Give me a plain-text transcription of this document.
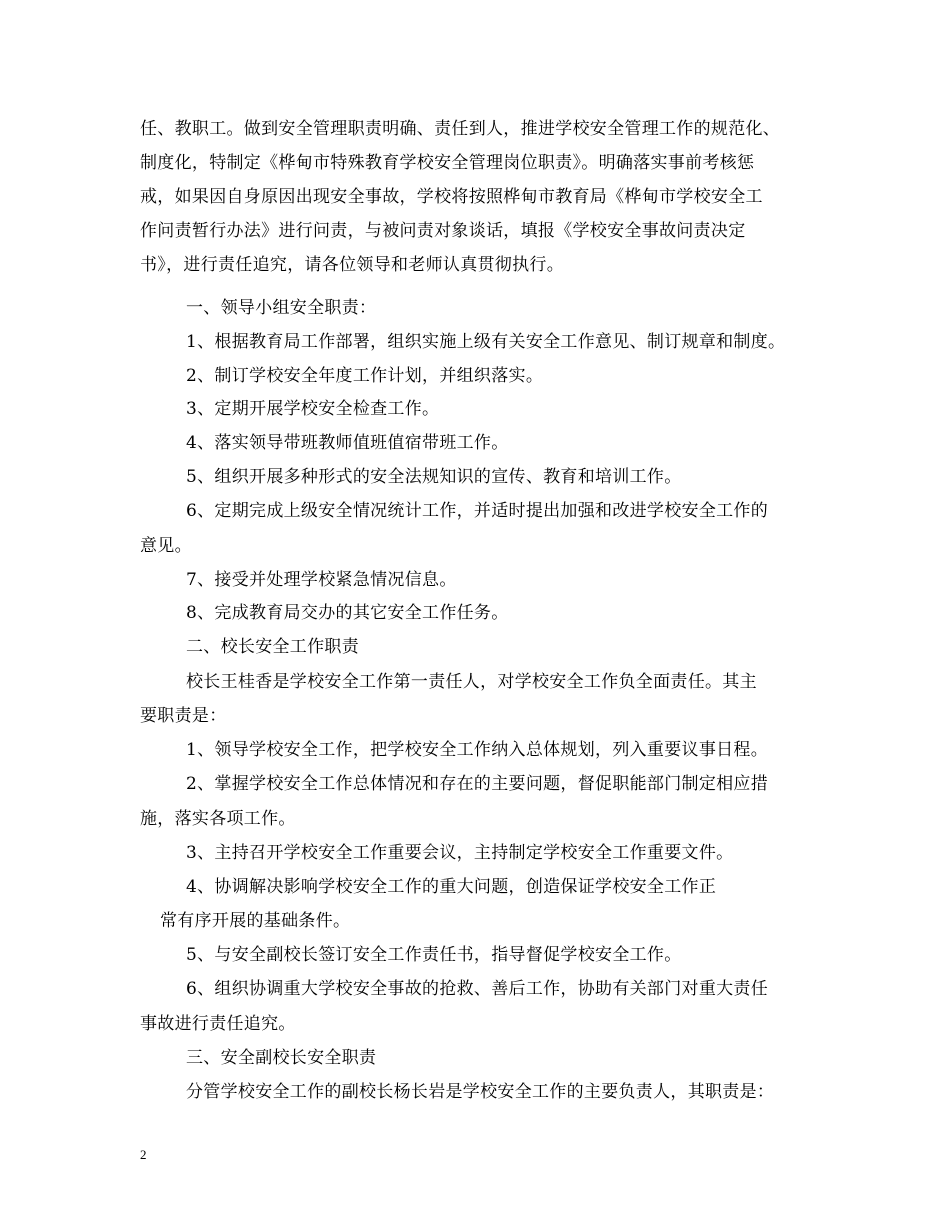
任、教职工。做到安全管理职责明确、责任到人，推进学校安全管理工作的规范化、
制度化，特制定《桦甸市特殊教育学校安全管理岗位职责》。明确落实事前考核惩
戒，如果因自身原因出现安全事故，学校将按照桦甸市教育局《桦甸市学校安全工
作问责暂行办法》进行问责，与被问责对象谈话，填报《学校安全事故问责决定
书》，进行责任追究，请各位领导和老师认真贯彻执行。
一、领导小组安全职责：
1、根据教育局工作部署，组织实施上级有关安全工作意见、制订规章和制度。
2、制订学校安全年度工作计划，并组织落实。
3、定期开展学校安全检查工作。
4、落实领导带班教师值班值宿带班工作。
5、组织开展多种形式的安全法规知识的宣传、教育和培训工作。
6、定期完成上级安全情况统计工作，并适时提出加强和改进学校安全工作的
意见。
7、接受并处理学校紧急情况信息。
8、完成教育局交办的其它安全工作任务。
二、校长安全工作职责
校长王桂香是学校安全工作第一责任人，对学校安全工作负全面责任。其主
要职责是：
1、领导学校安全工作，把学校安全工作纳入总体规划，列入重要议事日程。
2、掌握学校安全工作总体情况和存在的主要问题，督促职能部门制定相应措
施，落实各项工作。
3、主持召开学校安全工作重要会议，主持制定学校安全工作重要文件。
4、协调解决影响学校安全工作的重大问题，创造保证学校安全工作正
常有序开展的基础条件。
5、与安全副校长签订安全工作责任书，指导督促学校安全工作。
6、组织协调重大学校安全事故的抢救、善后工作，协助有关部门对重大责任
事故进行责任追究。
三、安全副校长安全职责
分管学校安全工作的副校长杨长岩是学校安全工作的主要负责人，其职责是：
2
